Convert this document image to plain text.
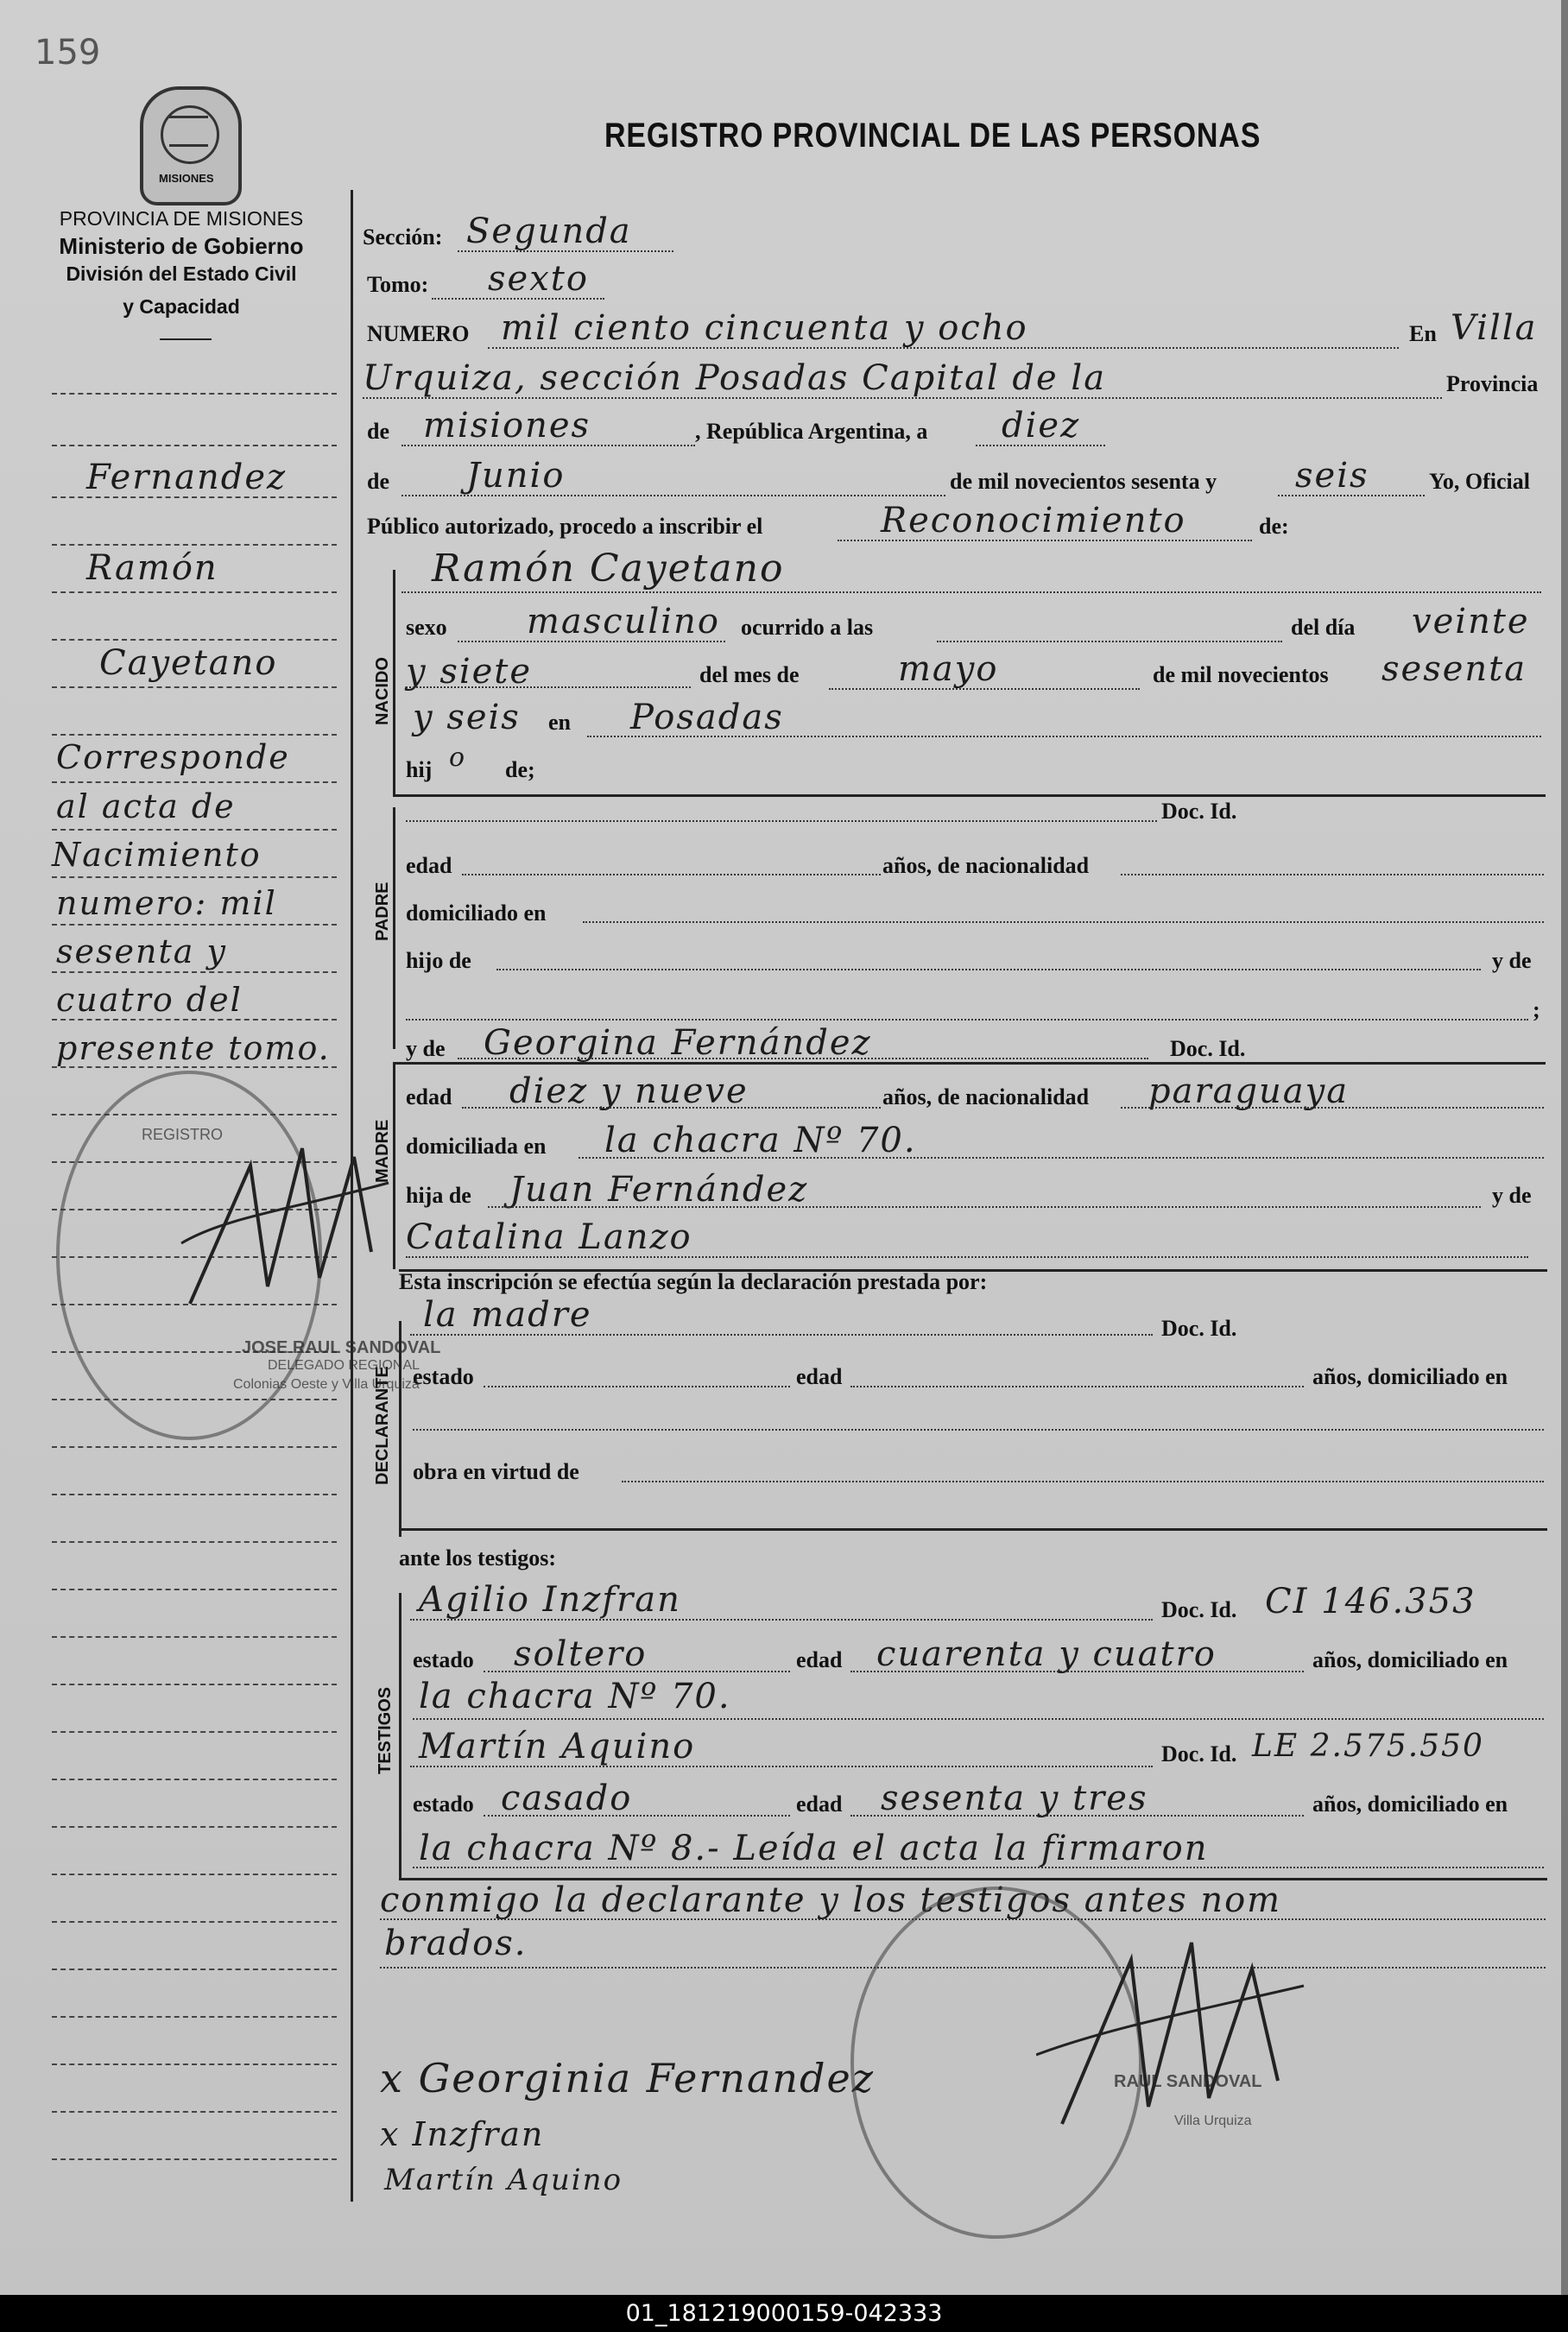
159
MISIONES
PROVINCIA DE MISIONES
Ministerio de Gobierno
División del Estado Civil
y Capacidad
REGISTRO PROVINCIAL DE LAS PERSONAS
Fernandez
Ramón
Cayetano
Corresponde
al acta de
Nacimiento
numero: mil
sesenta y
cuatro del
presente tomo.
Sección: Segunda
Tomo: sexto
NUMERO mil ciento cincuenta y ocho	En Villa
Urquiza, sección Posadas Capital de la	Provincia
de misiones	, República Argentina, a diez
de Junio	de mil novecientos sesenta y seis	Yo, Oficial
Público autorizado, procedo a inscribir el	Reconocimiento	de:
Ramón Cayetano
NACIDO
PADRE
MADRE
DECLARANTE
TESTIGOS
sexo masculino ocurrido a las	del día veinte
y siete	del mes de	mayo	de mil novecientos sesenta
y seis en Posadas
hij o de;
Doc. Id.
edad	años, de nacionalidad
domiciliado en
hijo de	y de
;
y de Georgina Fernández	Doc. Id.
edad diez y nueve	años, de nacionalidad paraguaya
domiciliada en la chacra Nº 70.
hija de Juan Fernández	y de
Catalina Lanzo
Esta inscripción se efectúa según la declaración prestada por:
la madre	Doc. Id.
estado	edad	años, domiciliado en
obra en virtud de
ante los testigos:
Agilio Inzfran	Doc. Id. CI 146.353
estado soltero	edad cuarenta y cuatro	años, domiciliado en
la chacra Nº 70.
Martín Aquino	Doc. Id. LE 2.575.550
estado casado	edad sesenta y tres	años, domiciliado en
la chacra Nº 8.- Leída el acta la firmaron
conmigo la declarante y los testigos antes nom
brados.
x Georginia Fernandez
x Inzfran
Martín Aquino
REGISTRO
JOSE RAUL SANDOVAL
DELEGADO REGIONAL
Colonias Oeste y Villa Urquiza
RAUL SANDOVAL
Villa Urquiza
01_181219000159-042333
